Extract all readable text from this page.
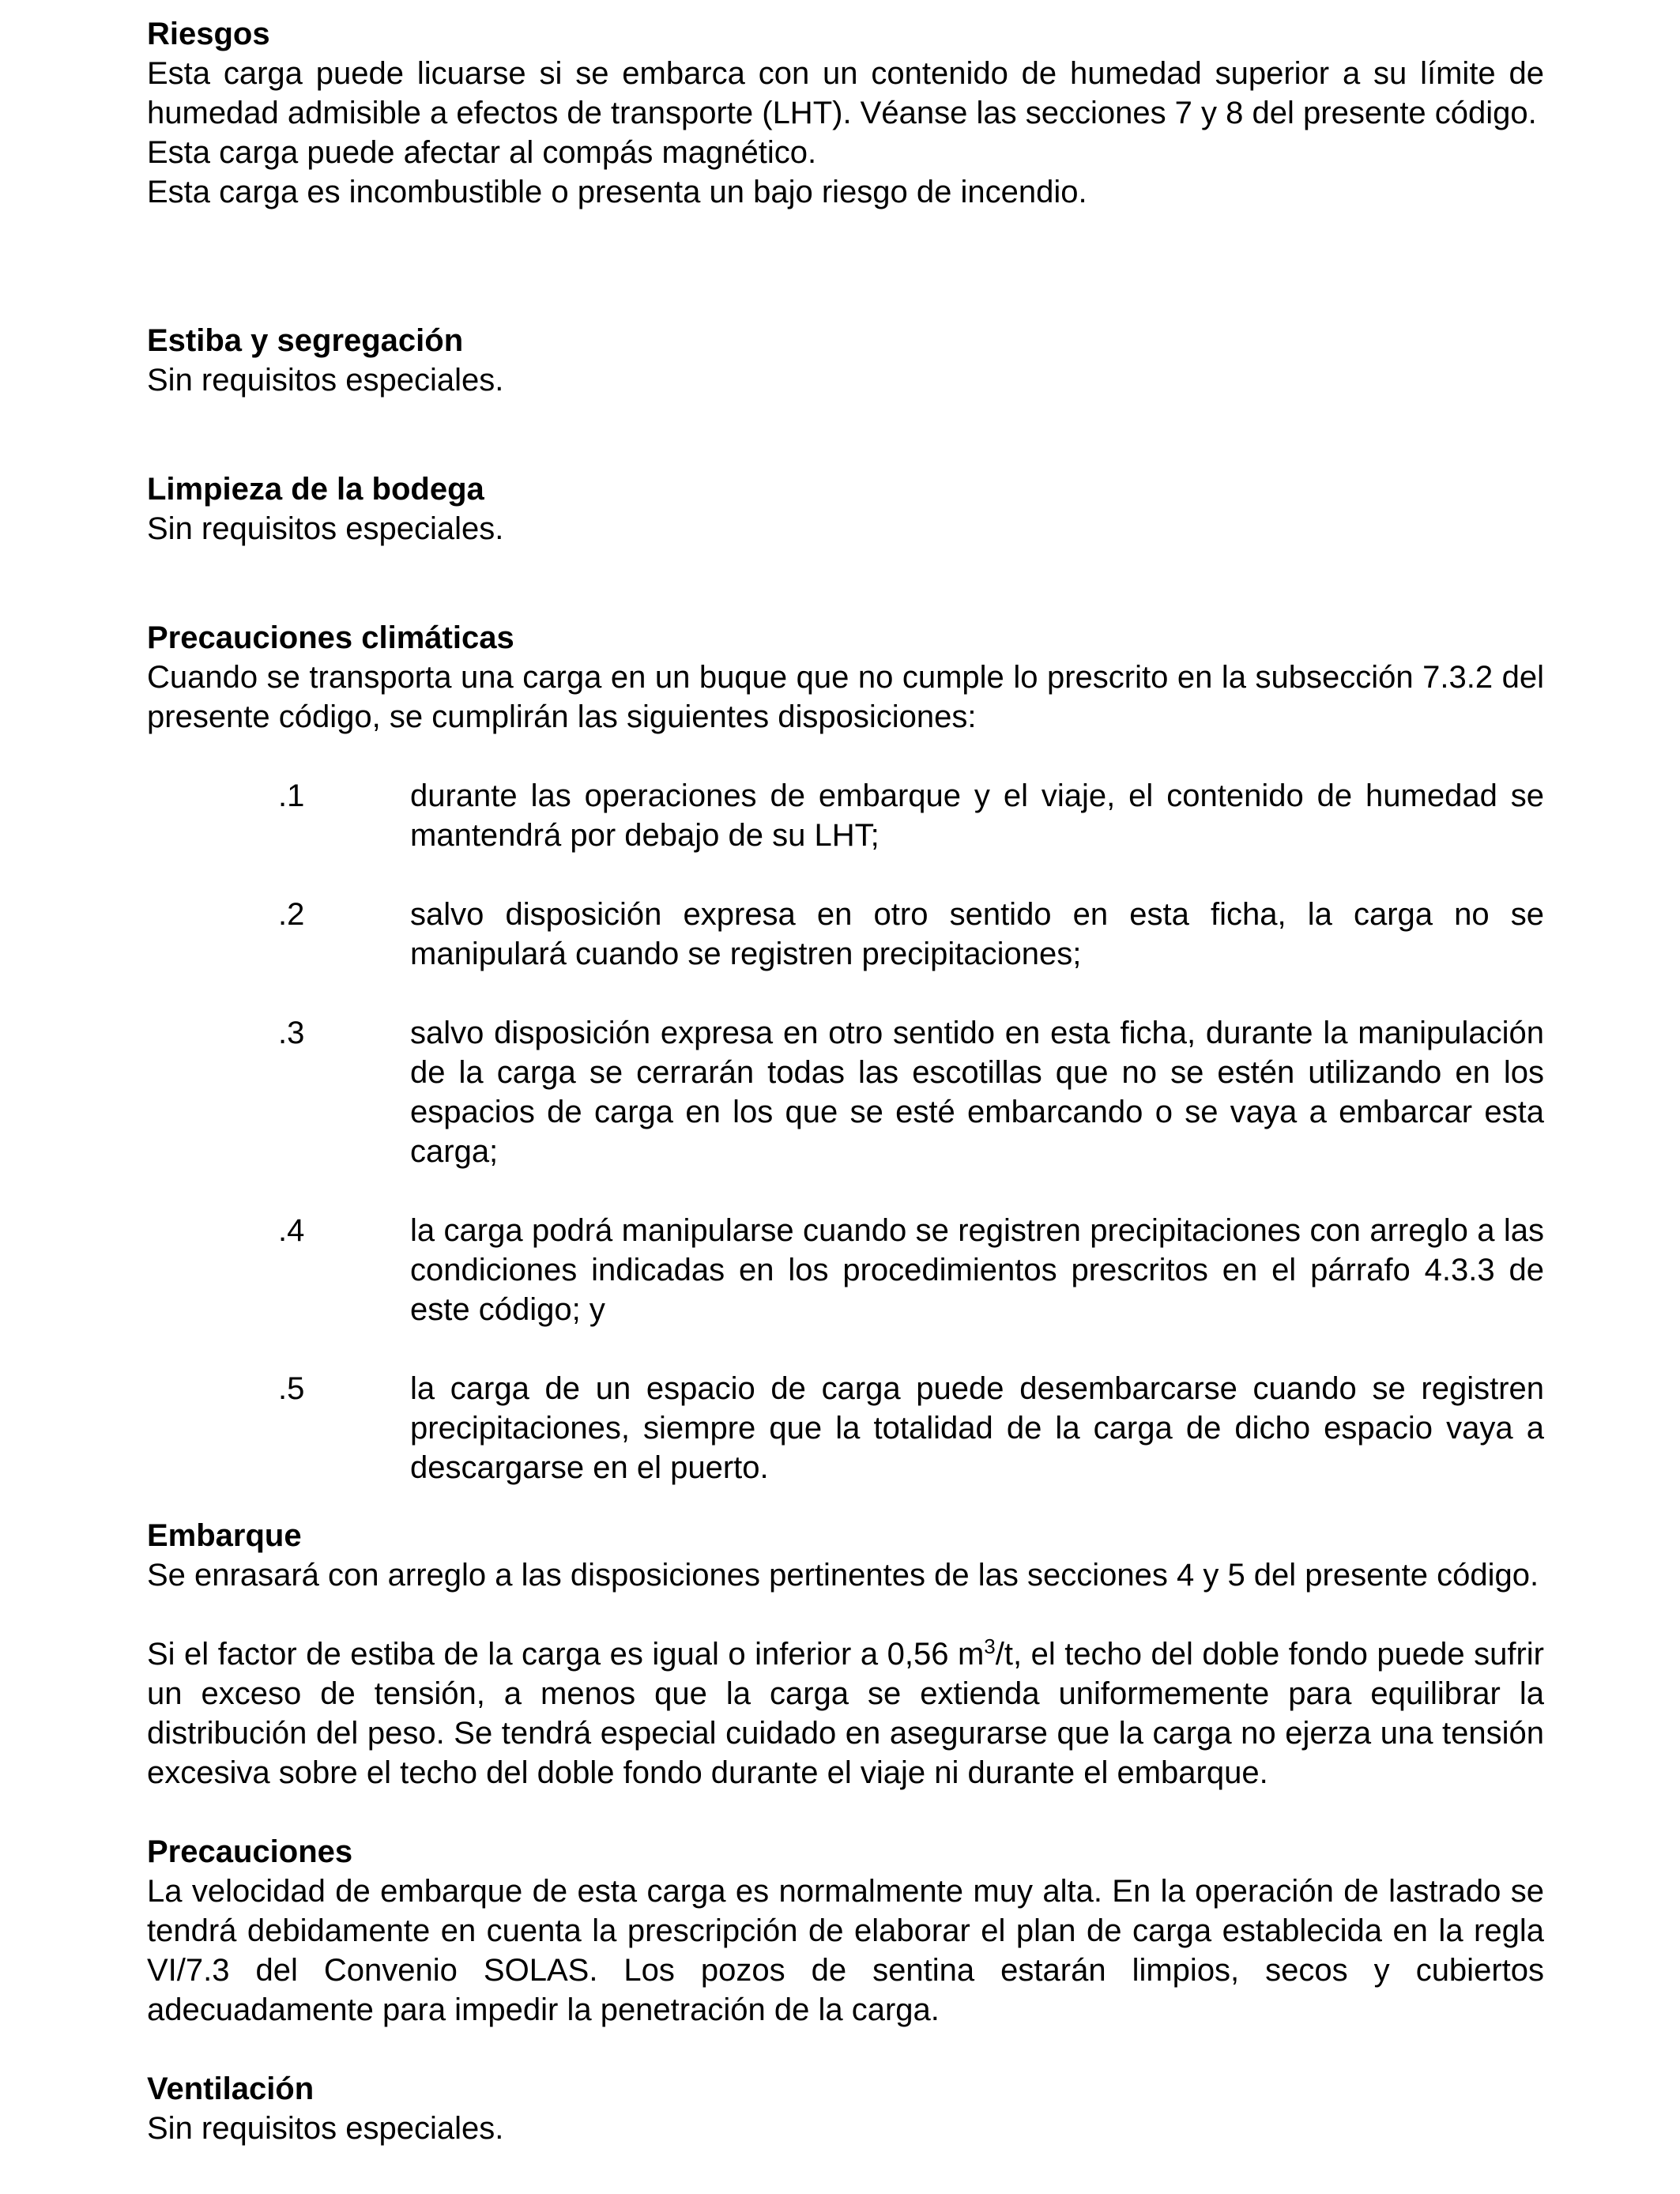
Riesgos

Esta carga puede licuarse si se embarca con un contenido de humedad superior a su límite de humedad admisible a efectos de transporte (LHT). Véanse las secciones 7 y 8 del presente código.

Esta carga puede afectar al compás magnético.

Esta carga es incombustible o presenta un bajo riesgo de incendio.

Estiba y segregación

Sin requisitos especiales.

Limpieza de la bodega

Sin requisitos especiales.

Precauciones climáticas

Cuando se transporta una carga en un buque que no cumple lo prescrito en la subsección 7.3.2 del presente código, se cumplirán las siguientes disposiciones:

.1	durante las operaciones de embarque y el viaje, el contenido de humedad se mantendrá por debajo de su LHT;
.2	salvo disposición expresa en otro sentido en esta ficha, la carga no se manipulará cuando se registren precipitaciones;
.3	salvo disposición expresa en otro sentido en esta ficha, durante la manipulación de la carga se cerrarán todas las escotillas que no se estén utilizando en los espacios de carga en los que se esté embarcando o se vaya a embarcar esta carga;
.4	la carga podrá manipularse cuando se registren precipitaciones con arreglo a las condiciones indicadas en los procedimientos prescritos en el párrafo 4.3.3 de este código; y
.5	la carga de un espacio de carga puede desembarcarse cuando se registren precipitaciones, siempre que la totalidad de la carga de dicho espacio vaya a descargarse en el puerto.
Embarque

Se enrasará con arreglo a las disposiciones pertinentes de las secciones 4 y 5 del presente código.

Si el factor de estiba de la carga es igual o inferior a 0,56 $m^3/t$, el techo del doble fondo puede sufrir un exceso de tensión, a menos que la carga se extienda uniformemente para equilibrar la distribución del peso. Se tendrá especial cuidado en asegurarse que la carga no ejerza una tensión excesiva sobre el techo del doble fondo durante el viaje ni durante el embarque.

Precauciones

La velocidad de embarque de esta carga es normalmente muy alta. En la operación de lastrado se tendrá debidamente en cuenta la prescripción de elaborar el plan de carga establecida en la regla VI/7.3 del Convenio SOLAS. Los pozos de sentina estarán limpios, secos y cubiertos adecuadamente para impedir la penetración de la carga.

Ventilación

Sin requisitos especiales.
